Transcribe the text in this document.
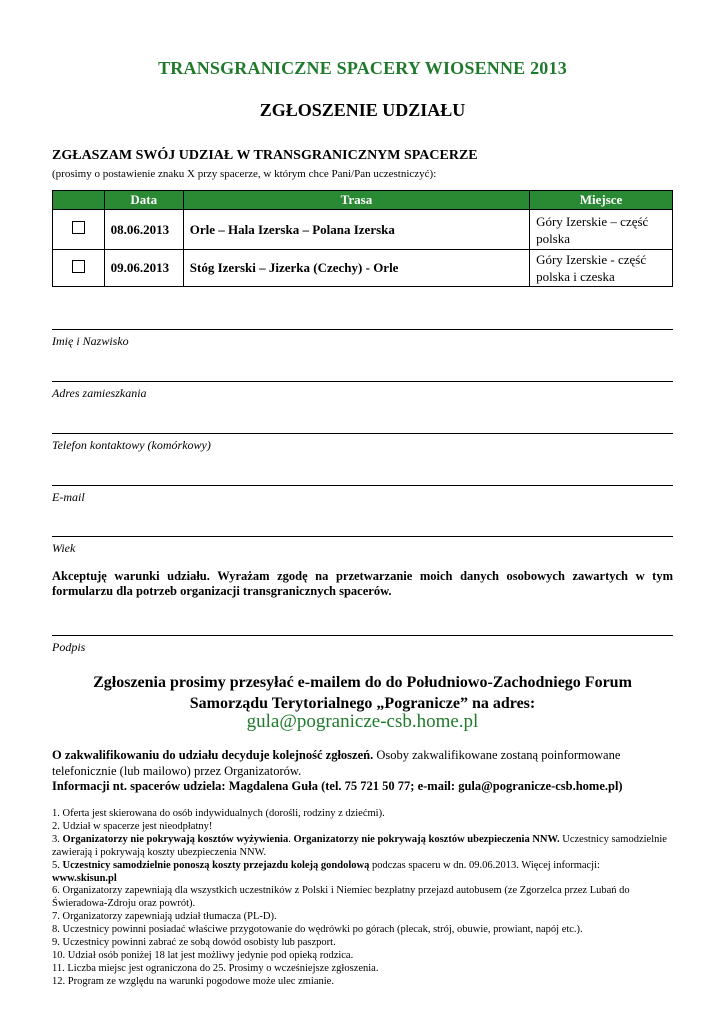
TRANSGRANICZNE SPACERY WIOSENNE 2013
ZGŁOSZENIE UDZIAŁU
ZGŁASZAM SWÓJ UDZIAŁ W TRANSGRANICZNYM SPACERZE
(prosimy o postawienie znaku X przy spacerze, w którym chce Pani/Pan uczestniczyć):
	Data	Trasa	Miejsce
	08.06.2013	Orle – Hala Izerska – Polana Izerska	Góry Izerskie – część polska
	09.06.2013	Stóg Izerski – Jizerka (Czechy) - Orle	Góry Izerskie - część polska i czeska
Imię i Nazwisko
Adres zamieszkania
Telefon kontaktowy (komórkowy)
E-mail
Wiek
Akceptuję warunki udziału. Wyrażam zgodę na przetwarzanie moich danych osobowych zawartych w tym formularzu dla potrzeb organizacji transgranicznych spacerów.
Podpis
Zgłoszenia prosimy przesyłać e-mailem do do Południowo-Zachodniego Forum
Samorządu Terytorialnego „Pogranicze” na adres:
gula@pogranicze-csb.home.pl
O zakwalifikowaniu do udziału decyduje kolejność zgłoszeń. Osoby zakwalifikowane zostaną poinformowane telefonicznie (lub mailowo) przez Organizatorów.
Informacji nt. spacerów udziela: Magdalena Guła (tel. 75 721 50 77; e-mail: gula@pogranicze-csb.home.pl)
1. Oferta jest skierowana do osób indywidualnych (dorośli, rodziny z dziećmi).
2. Udział w spacerze jest nieodpłatny!
3. Organizatorzy nie pokrywają kosztów wyżywienia. Organizatorzy nie pokrywają kosztów ubezpieczenia NNW. Uczestnicy samodzielnie zawierają i pokrywają koszty ubezpieczenia NNW.
5. Uczestnicy samodzielnie ponoszą koszty przejazdu koleją gondolową podczas spaceru w dn. 09.06.2013. Więcej informacji:
www.skisun.pl
6. Organizatorzy zapewniają dla wszystkich uczestników z Polski i Niemiec bezpłatny przejazd autobusem (ze Zgorzelca przez Lubań do Świeradowa-Zdroju oraz powrót).
7. Organizatorzy zapewniają udział tłumacza (PL-D).
8. Uczestnicy powinni posiadać właściwe przygotowanie do wędrówki po górach (plecak, strój, obuwie, prowiant, napój etc.).
9. Uczestnicy powinni zabrać ze sobą dowód osobisty lub paszport.
10. Udział osób poniżej 18 lat jest możliwy jedynie pod opieką rodzica.
11. Liczba miejsc jest ograniczona do 25. Prosimy o wcześniejsze zgłoszenia.
12. Program ze względu na warunki pogodowe może ulec zmianie.
